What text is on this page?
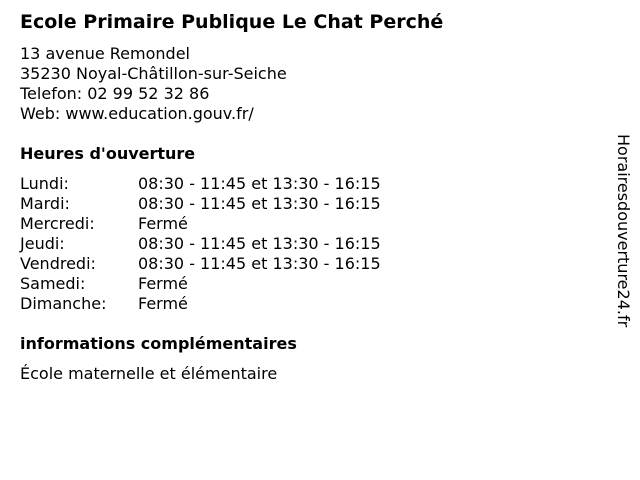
Ecole Primaire Publique Le Chat Perché
13 avenue Remondel
35230 Noyal-Châtillon-sur-Seiche
Telefon: 02 99 52 32 86
Web: www.education.gouv.fr/
Heures d'ouverture
Lundi:	08:30 - 11:45 et 13:30 - 16:15
Mardi:	08:30 - 11:45 et 13:30 - 16:15
Mercredi:	Fermé
Jeudi:	08:30 - 11:45 et 13:30 - 16:15
Vendredi:	08:30 - 11:45 et 13:30 - 16:15
Samedi:	Fermé
Dimanche:	Fermé
informations complémentaires
École maternelle et élémentaire
Horairesdouverture24.fr
